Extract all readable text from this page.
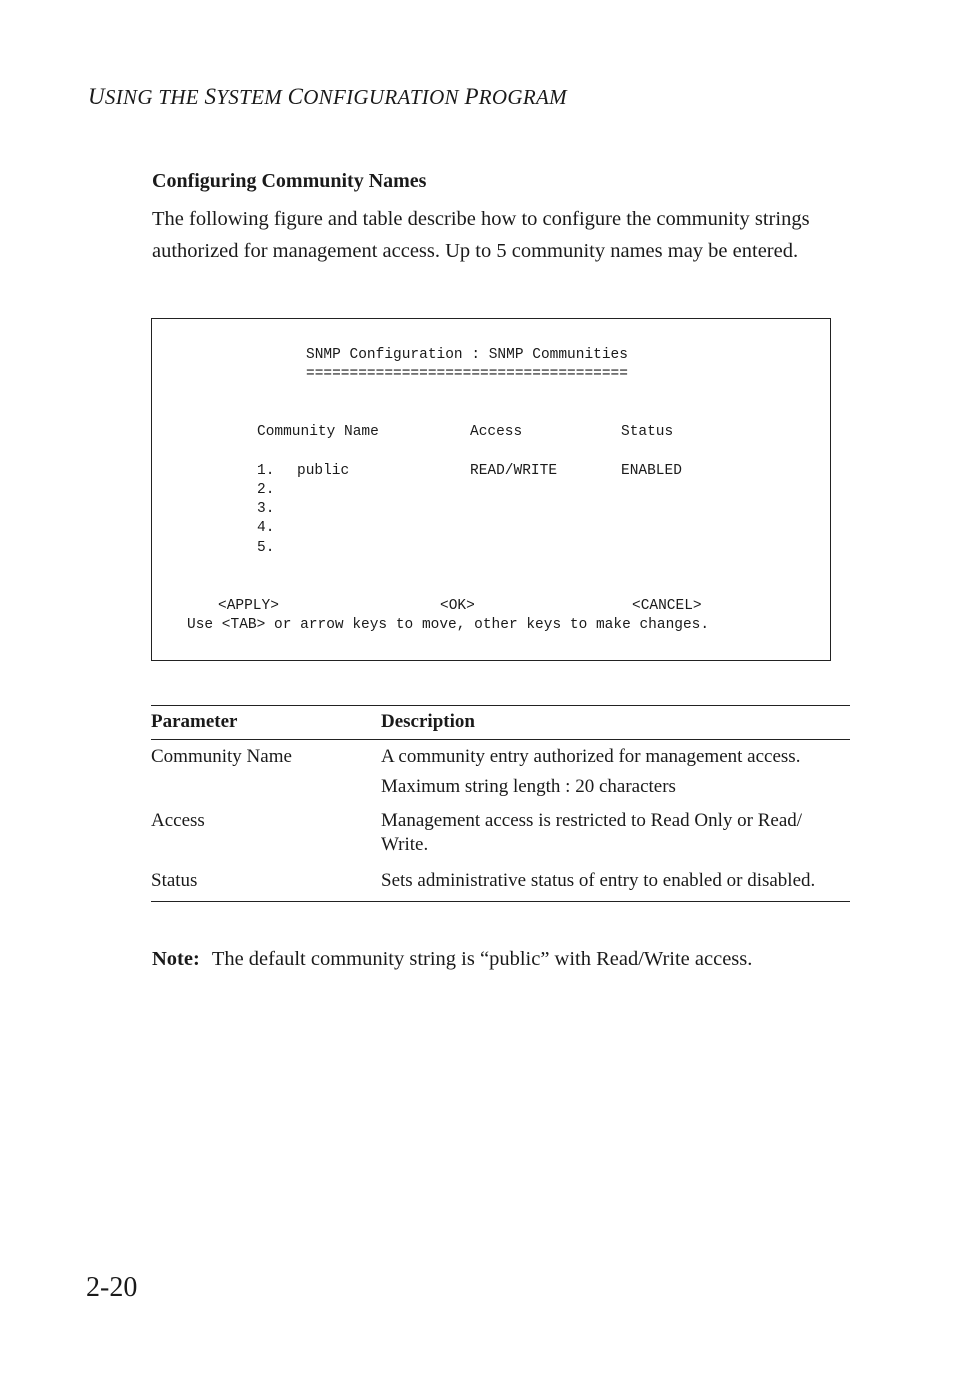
USING THE SYSTEM CONFIGURATION PROGRAM
Configuring Community Names

The following figure and table describe how to configure the community strings authorized for management access. Up to 5 community names may be entered.

SNMP Configuration : SNMP Communities
=====================================
Community Name	Access	Status
1. public	READ/WRITE	ENABLED
2.
3.
4.
5.
<APPLY>	<OK>	<CANCEL>
Use <TAB> or arrow keys to move, other keys to make changes.
Parameter	Description
Community Name	A community entry authorized for management access.
	Maximum string length : 20 characters
Access	Management access is restricted to Read Only or Read/ Write.
Status	Sets administrative status of entry to enabled or disabled.
Note: The default community string is “public” with Read/Write access.
2-20
